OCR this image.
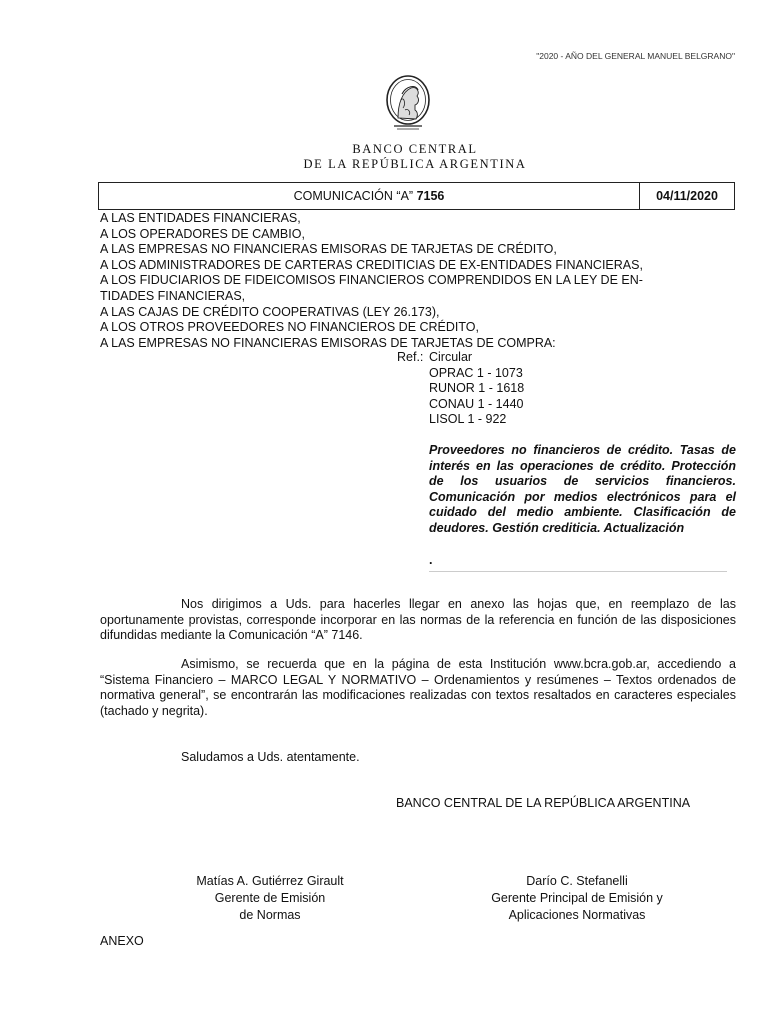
"2020 - AÑO DEL GENERAL MANUEL BELGRANO"
BANCO CENTRAL
DE LA REPÚBLICA ARGENTINA
COMUNICACIÓN “A” 7156	04/11/2020
A LAS ENTIDADES FINANCIERAS,
A LOS OPERADORES DE CAMBIO,
A LAS EMPRESAS NO FINANCIERAS EMISORAS DE TARJETAS DE CRÉDITO,
A LOS ADMINISTRADORES DE CARTERAS CREDITICIAS DE EX-ENTIDADES FINANCIERAS,
A LOS FIDUCIARIOS DE FIDEICOMISOS FINANCIEROS COMPRENDIDOS EN LA LEY DE EN-
TIDADES FINANCIERAS,
A LAS CAJAS DE CRÉDITO COOPERATIVAS (LEY 26.173),
A LOS OTROS PROVEEDORES NO FINANCIEROS DE CRÉDITO,
A LAS EMPRESAS NO FINANCIERAS EMISORAS DE TARJETAS DE COMPRA:
Ref.: Circular
OPRAC 1 - 1073
RUNOR 1 - 1618
CONAU 1 - 1440
LISOL 1 - 922
Proveedores no financieros de crédito. Tasas de interés en las operaciones de crédito. Protección de los usuarios de servicios financieros. Comunicación por medios electrónicos para el cuidado del medio ambiente. Clasificación de deudores. Gestión crediticia. Actualización
.
Nos dirigimos a Uds. para hacerles llegar en anexo las hojas que, en reemplazo de las oportunamente provistas, corresponde incorporar en las normas de la referencia en función de las disposiciones difundidas mediante la Comunicación “A” 7146.
Asimismo, se recuerda que en la página de esta Institución www.bcra.gob.ar, accediendo a “Sistema Financiero – MARCO LEGAL Y NORMATIVO – Ordenamientos y resúmenes – Textos ordenados de normativa general”, se encontrarán las modificaciones realizadas con textos resaltados en caracteres especiales (tachado y negrita).
Saludamos a Uds. atentamente.
BANCO CENTRAL DE LA REPÚBLICA ARGENTINA
Matías A. Gutiérrez Girault
Gerente de Emisión
de Normas
Darío C. Stefanelli
Gerente Principal de Emisión y
Aplicaciones Normativas
ANEXO
